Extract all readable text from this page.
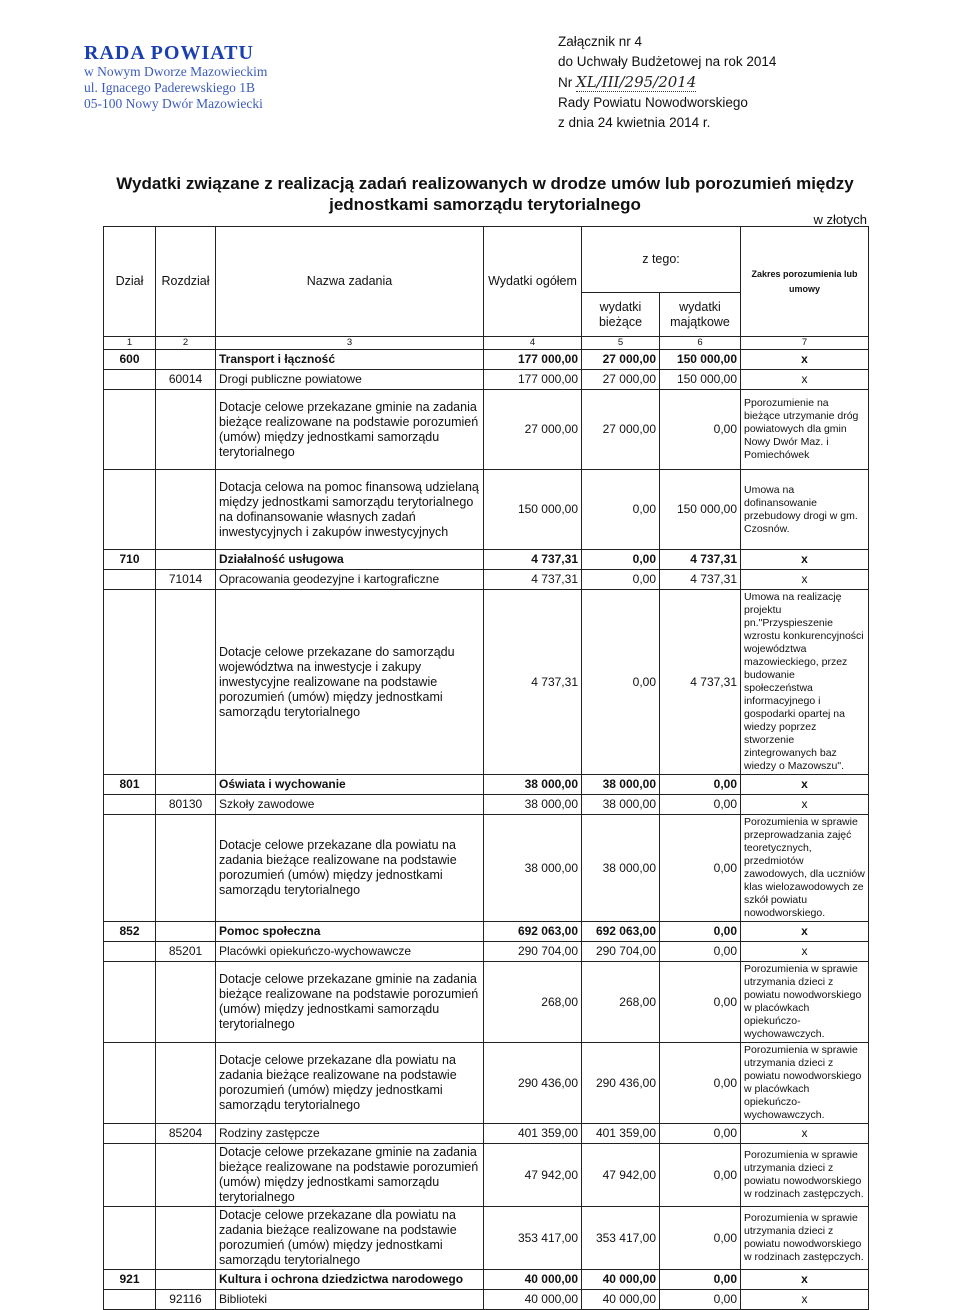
RADA POWIATU
w Nowym Dworze Mazowieckim
ul. Ignacego Paderewskiego 1B
05-100 Nowy Dwór Mazowiecki
Załącznik nr 4
do Uchwały Budżetowej na rok 2014
Nr XL/III/295/2014
Rady Powiatu Nowodworskiego
z dnia 24 kwietnia 2014 r.
Wydatki związane z realizacją zadań realizowanych w drodze umów lub porozumień między jednostkami samorządu terytorialnego
w złotych
Dział	Rozdział	Nazwa zadania	Wydatki ogółem	z tego:		Zakres porozumienia lub umowy
				wydatki bieżące	wydatki majątkowe	
1	2	3	4	5	6	7
600		Transport i łączność	177 000,00	27 000,00	150 000,00	x
	60014	Drogi publiczne powiatowe	177 000,00	27 000,00	150 000,00	x
		Dotacje celowe przekazane gminie na zadania bieżące realizowane na podstawie porozumień (umów) między jednostkami samorządu terytorialnego	27 000,00	27 000,00	0,00	Pporozumienie na bieżące utrzymanie dróg powiatowych dla gmin Nowy Dwór Maz. i Pomiechówek
		Dotacja celowa na pomoc finansową udzielaną między jednostkami samorządu terytorialnego na dofinansowanie własnych zadań inwestycyjnych i zakupów inwestycyjnych	150 000,00	0,00	150 000,00	Umowa na dofinansowanie przebudowy drogi w gm. Czosnów.
710		Działalność usługowa	4 737,31	0,00	4 737,31	x
	71014	Opracowania geodezyjne i kartograficzne	4 737,31	0,00	4 737,31	x
		Dotacje celowe przekazane do samorządu województwa na inwestycje i zakupy inwestycyjne realizowane na podstawie porozumień (umów) między jednostkami samorządu terytorialnego	4 737,31	0,00	4 737,31	Umowa na realizację projektu pn."Przyspieszenie wzrostu konkurencyjności województwa mazowieckiego, przez budowanie społeczeństwa informacyjnego i gospodarki opartej na wiedzy poprzez stworzenie zintegrowanych baz wiedzy o Mazowszu".
801		Oświata i wychowanie	38 000,00	38 000,00	0,00	x
	80130	Szkoły zawodowe	38 000,00	38 000,00	0,00	x
		Dotacje celowe przekazane dla powiatu na zadania bieżące realizowane na podstawie porozumień (umów) między jednostkami samorządu terytorialnego	38 000,00	38 000,00	0,00	Porozumienia w sprawie przeprowadzania zajęć teoretycznych, przedmiotów zawodowych, dla uczniów klas wielozawodowych ze szkół powiatu nowodworskiego.
852		Pomoc społeczna	692 063,00	692 063,00	0,00	x
	85201	Placówki opiekuńczo-wychowawcze	290 704,00	290 704,00	0,00	x
		Dotacje celowe przekazane gminie na zadania bieżące realizowane na podstawie porozumień (umów) między jednostkami samorządu terytorialnego	268,00	268,00	0,00	Porozumienia w sprawie utrzymania dzieci z powiatu nowodworskiego w placówkach opiekuńczo-wychowawczych.
		Dotacje celowe przekazane dla powiatu na zadania bieżące realizowane na podstawie porozumień (umów) między jednostkami samorządu terytorialnego	290 436,00	290 436,00	0,00	Porozumienia w sprawie utrzymania dzieci z powiatu nowodworskiego w placówkach opiekuńczo-wychowawczych.
	85204	Rodziny zastępcze	401 359,00	401 359,00	0,00	x
		Dotacje celowe przekazane gminie na zadania bieżące realizowane na podstawie porozumień (umów) między jednostkami samorządu terytorialnego	47 942,00	47 942,00	0,00	Porozumienia w sprawie utrzymania dzieci z powiatu nowodworskiego w rodzinach zastępczych.
		Dotacje celowe przekazane dla powiatu na zadania bieżące realizowane na podstawie porozumień (umów) między jednostkami samorządu terytorialnego	353 417,00	353 417,00	0,00	Porozumienia w sprawie utrzymania dzieci z powiatu nowodworskiego w rodzinach zastępczych.
921		Kultura i ochrona dziedzictwa narodowego	40 000,00	40 000,00	0,00	x
	92116	Biblioteki	40 000,00	40 000,00	0,00	x
